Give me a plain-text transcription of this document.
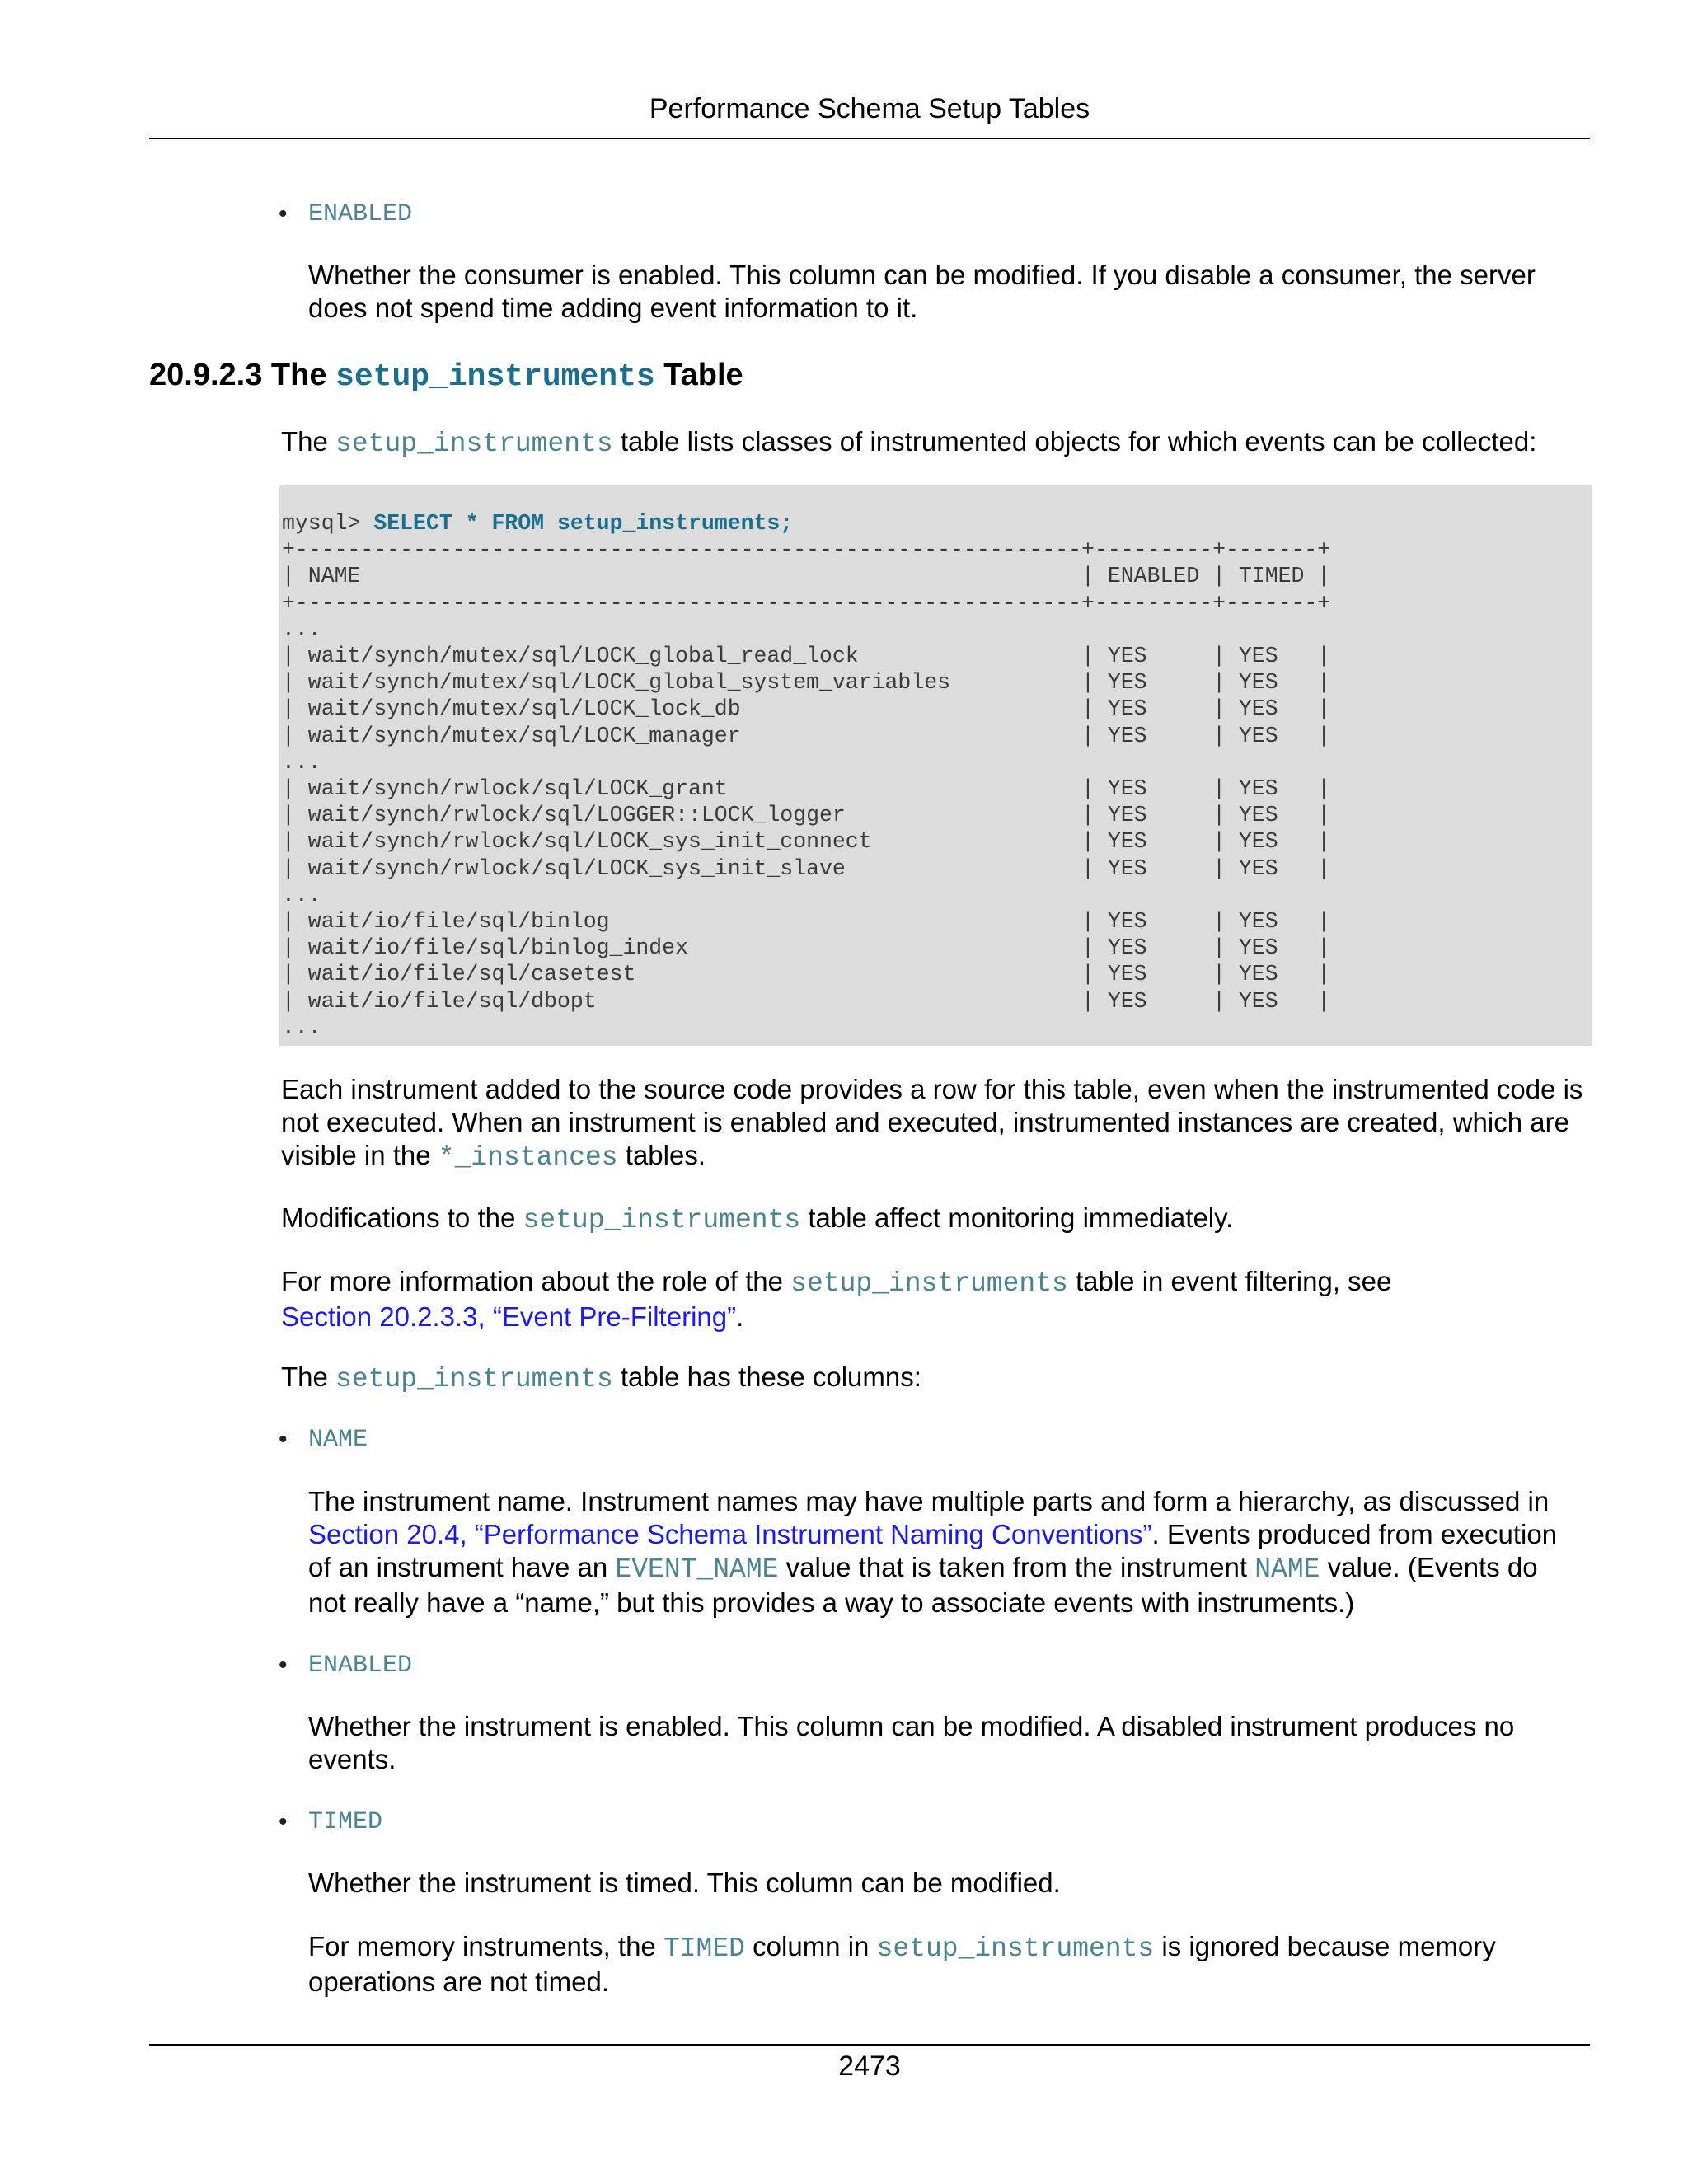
Performance Schema Setup Tables
• ENABLED
Whether the consumer is enabled. This column can be modified. If you disable a consumer, the server does not spend time adding event information to it.
20.9.2.3 The setup_instruments Table
The setup_instruments table lists classes of instrumented objects for which events can be collected:
mysql> SELECT * FROM setup_instruments;
+------------------------------------------------------------+---------+-------+
| NAME                                                       | ENABLED | TIMED |
+------------------------------------------------------------+---------+-------+
...
| wait/synch/mutex/sql/LOCK_global_read_lock                 | YES     | YES   |
| wait/synch/mutex/sql/LOCK_global_system_variables          | YES     | YES   |
| wait/synch/mutex/sql/LOCK_lock_db                          | YES     | YES   |
| wait/synch/mutex/sql/LOCK_manager                          | YES     | YES   |
...
| wait/synch/rwlock/sql/LOCK_grant                           | YES     | YES   |
| wait/synch/rwlock/sql/LOGGER::LOCK_logger                  | YES     | YES   |
| wait/synch/rwlock/sql/LOCK_sys_init_connect                | YES     | YES   |
| wait/synch/rwlock/sql/LOCK_sys_init_slave                  | YES     | YES   |
...
| wait/io/file/sql/binlog                                    | YES     | YES   |
| wait/io/file/sql/binlog_index                              | YES     | YES   |
| wait/io/file/sql/casetest                                  | YES     | YES   |
| wait/io/file/sql/dbopt                                     | YES     | YES   |
...
Each instrument added to the source code provides a row for this table, even when the instrumented code is not executed. When an instrument is enabled and executed, instrumented instances are created, which are visible in the *_instances tables.
Modifications to the setup_instruments table affect monitoring immediately.
For more information about the role of the setup_instruments table in event filtering, see
Section 20.2.3.3, “Event Pre-Filtering”.
The setup_instruments table has these columns:
• NAME
The instrument name. Instrument names may have multiple parts and form a hierarchy, as discussed in Section 20.4, “Performance Schema Instrument Naming Conventions”. Events produced from execution of an instrument have an EVENT_NAME value that is taken from the instrument NAME value. (Events do not really have a “name,” but this provides a way to associate events with instruments.)
• ENABLED
Whether the instrument is enabled. This column can be modified. A disabled instrument produces no events.
• TIMED
Whether the instrument is timed. This column can be modified.
For memory instruments, the TIMED column in setup_instruments is ignored because memory operations are not timed.
2473
